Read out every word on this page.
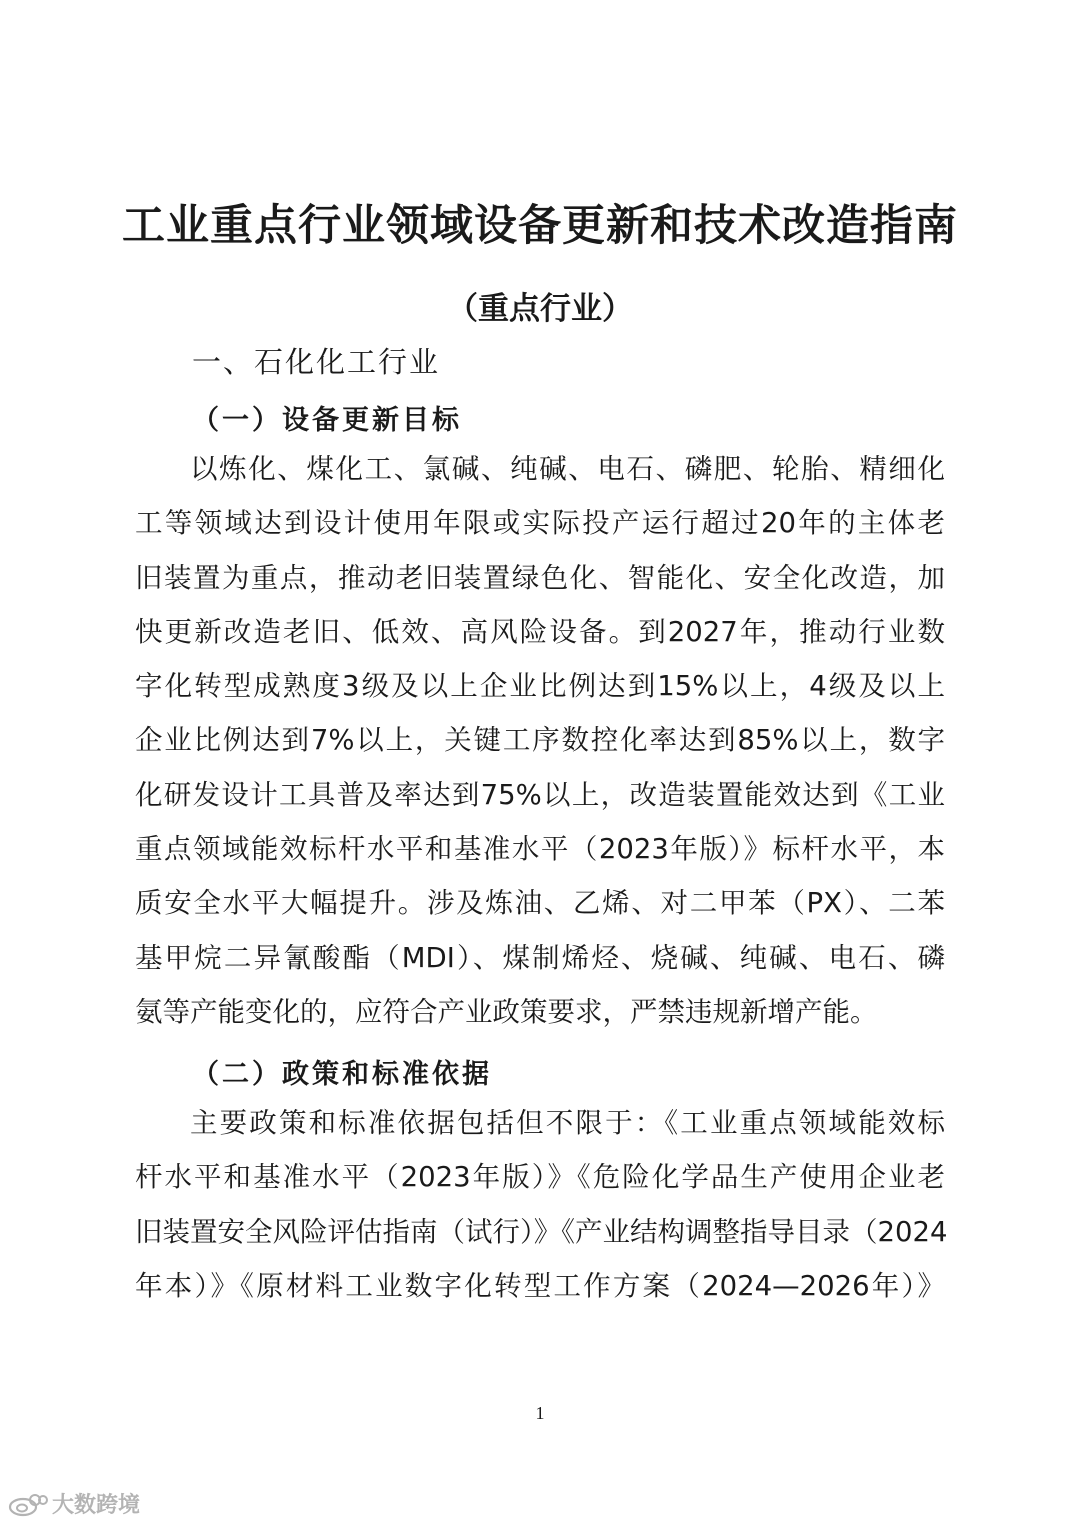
工业重点行业领域设备更新和技术改造指南
（重点行业）
一、石化化工行业
（一）设备更新目标
以炼化、煤化工、氯碱、纯碱、电石、磷肥、轮胎、精细化
工等领域达到设计使用年限或实际投产运行超过20年的主体老
旧装置为重点，推动老旧装置绿色化、智能化、安全化改造，加
快更新改造老旧、低效、高风险设备。到2027年，推动行业数
字化转型成熟度3级及以上企业比例达到15%以上，4级及以上
企业比例达到7%以上，关键工序数控化率达到85%以上，数字
化研发设计工具普及率达到75%以上，改造装置能效达到《工业
重点领域能效标杆水平和基准水平（2023年版）》标杆水平，本
质安全水平大幅提升。涉及炼油、乙烯、对二甲苯（PX）、二苯
基甲烷二异氰酸酯（MDI）、煤制烯烃、烧碱、纯碱、电石、磷
氨等产能变化的，应符合产业政策要求，严禁违规新增产能。
（二）政策和标准依据
主要政策和标准依据包括但不限于：《工业重点领域能效标
杆水平和基准水平（2023年版）》《危险化学品生产使用企业老
旧装置安全风险评估指南（试行）》《产业结构调整指导目录（2024
年本）》《原材料工业数字化转型工作方案（2024—2026年）》
1
大数跨境
